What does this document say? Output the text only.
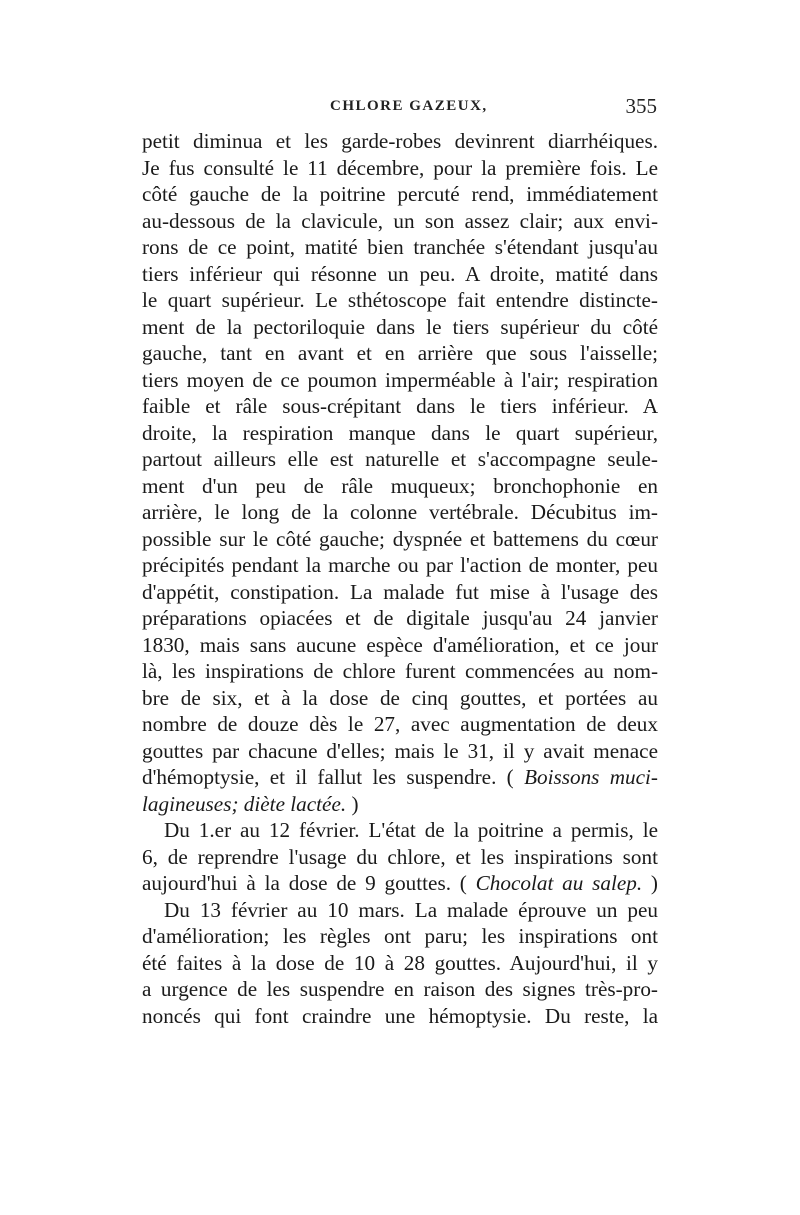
CHLORE GAZEUX,	355
petit diminua et les garde-robes devinrent diarrhéiques.
Je fus consulté le 11 décembre, pour la première fois. Le
côté gauche de la poitrine percuté rend, immédiatement
au-dessous de la clavicule, un son assez clair; aux envi-
rons de ce point, matité bien tranchée s'étendant jusqu'au
tiers inférieur qui résonne un peu. A droite, matité dans
le quart supérieur. Le sthétoscope fait entendre distincte-
ment de la pectoriloquie dans le tiers supérieur du côté
gauche, tant en avant et en arrière que sous l'aisselle;
tiers moyen de ce poumon imperméable à l'air; respiration
faible et râle sous-crépitant dans le tiers inférieur. A
droite, la respiration manque dans le quart supérieur,
partout ailleurs elle est naturelle et s'accompagne seule-
ment d'un peu de râle muqueux; bronchophonie en
arrière, le long de la colonne vertébrale. Décubitus im-
possible sur le côté gauche; dyspnée et battemens du cœur
précipités pendant la marche ou par l'action de monter, peu
d'appétit, constipation. La malade fut mise à l'usage des
préparations opiacées et de digitale jusqu'au 24 janvier
1830, mais sans aucune espèce d'amélioration, et ce jour
là, les inspirations de chlore furent commencées au nom-
bre de six, et à la dose de cinq gouttes, et portées au
nombre de douze dès le 27, avec augmentation de deux
gouttes par chacune d'elles; mais le 31, il y avait menace
d'hémoptysie, et il fallut les suspendre. ( Boissons muci-
lagineuses; diète lactée. )
Du 1.er au 12 février. L'état de la poitrine a permis, le
6, de reprendre l'usage du chlore, et les inspirations sont
aujourd'hui à la dose de 9 gouttes. ( Chocolat au salep. )
Du 13 février au 10 mars. La malade éprouve un peu
d'amélioration; les règles ont paru; les inspirations ont
été faites à la dose de 10 à 28 gouttes. Aujourd'hui, il y
a urgence de les suspendre en raison des signes très-pro-
noncés qui font craindre une hémoptysie. Du reste, la
